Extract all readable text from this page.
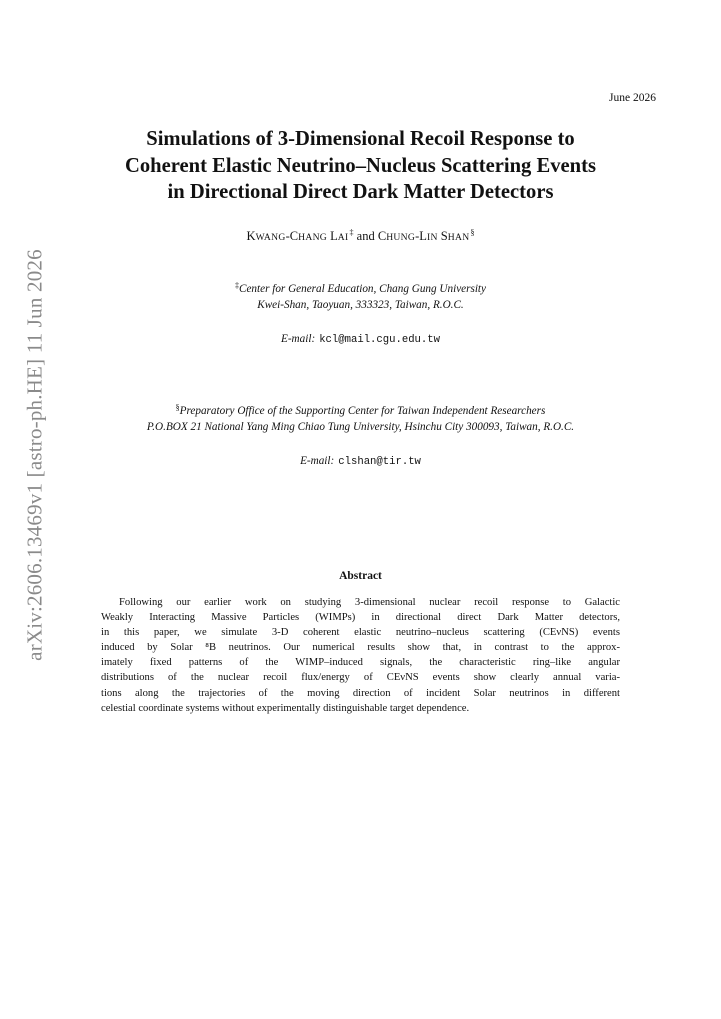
arXiv:2606.13469v1 [astro-ph.HE] 11 Jun 2026
June 2026
Simulations of 3-Dimensional Recoil Response to
Coherent Elastic Neutrino–Nucleus Scattering Events
in Directional Direct Dark Matter Detectors
KWANG-CHANG LAI‡ and CHUNG-LIN SHAN§
‡Center for General Education, Chang Gung University
Kwei-Shan, Taoyuan, 333323, Taiwan, R.O.C.
E-mail: kcl@mail.cgu.edu.tw
§Preparatory Office of the Supporting Center for Taiwan Independent Researchers
P.O.BOX 21 National Yang Ming Chiao Tung University, Hsinchu City 300093, Taiwan, R.O.C.
E-mail: clshan@tir.tw
Abstract
Following our earlier work on studying 3-dimensional nuclear recoil response to Galactic
Weakly Interacting Massive Particles (WIMPs) in directional direct Dark Matter detectors,
in this paper, we simulate 3-D coherent elastic neutrino–nucleus scattering (CEνNS) events
induced by Solar ⁸B neutrinos. Our numerical results show that, in contrast to the approx-
imately fixed patterns of the WIMP–induced signals, the characteristic ring–like angular
distributions of the nuclear recoil flux/energy of CEνNS events show clearly annual varia-
tions along the trajectories of the moving direction of incident Solar neutrinos in different
celestial coordinate systems without experimentally distinguishable target dependence.
